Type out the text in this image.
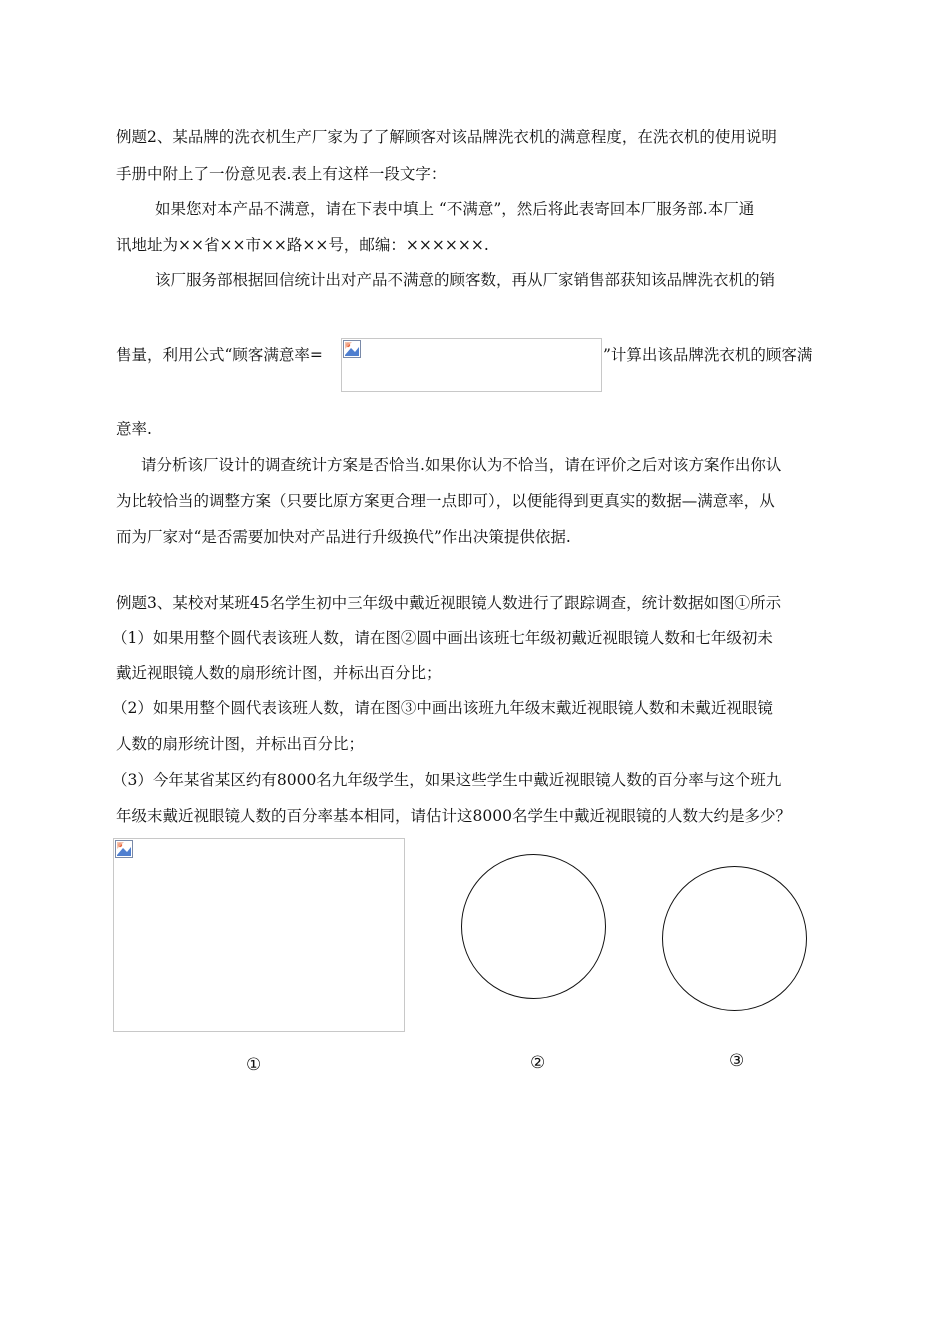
例题2、某品牌的洗衣机生产厂家为了了解顾客对该品牌洗衣机的满意程度，在洗衣机的使用说明
手册中附上了一份意见表.表上有这样一段文字：
如果您对本产品不满意，请在下表中填上 “不满意”，然后将此表寄回本厂服务部.本厂通
讯地址为××省××市××路××号，邮编：××××××.
该厂服务部根据回信统计出对产品不满意的顾客数，再从厂家销售部获知该品牌洗衣机的销
售量，利用公式“顾客满意率=	”计算出该品牌洗衣机的顾客满
意率.
请分析该厂设计的调查统计方案是否恰当.如果你认为不恰当，请在评价之后对该方案作出你认
为比较恰当的调整方案（只要比原方案更合理一点即可），以便能得到更真实的数据—满意率，从
而为厂家对“是否需要加快对产品进行升级换代”作出决策提供依据.
例题3、某校对某班45名学生初中三年级中戴近视眼镜人数进行了跟踪调查，统计数据如图①所示
（1）如果用整个圆代表该班人数，请在图②圆中画出该班七年级初戴近视眼镜人数和七年级初未
戴近视眼镜人数的扇形统计图，并标出百分比；
（2）如果用整个圆代表该班人数，请在图③中画出该班九年级末戴近视眼镜人数和未戴近视眼镜
人数的扇形统计图，并标出百分比；
（3）今年某省某区约有8000名九年级学生，如果这些学生中戴近视眼镜人数的百分率与这个班九
年级末戴近视眼镜人数的百分率基本相同，请估计这8000名学生中戴近视眼镜的人数大约是多少？
①	②	③
